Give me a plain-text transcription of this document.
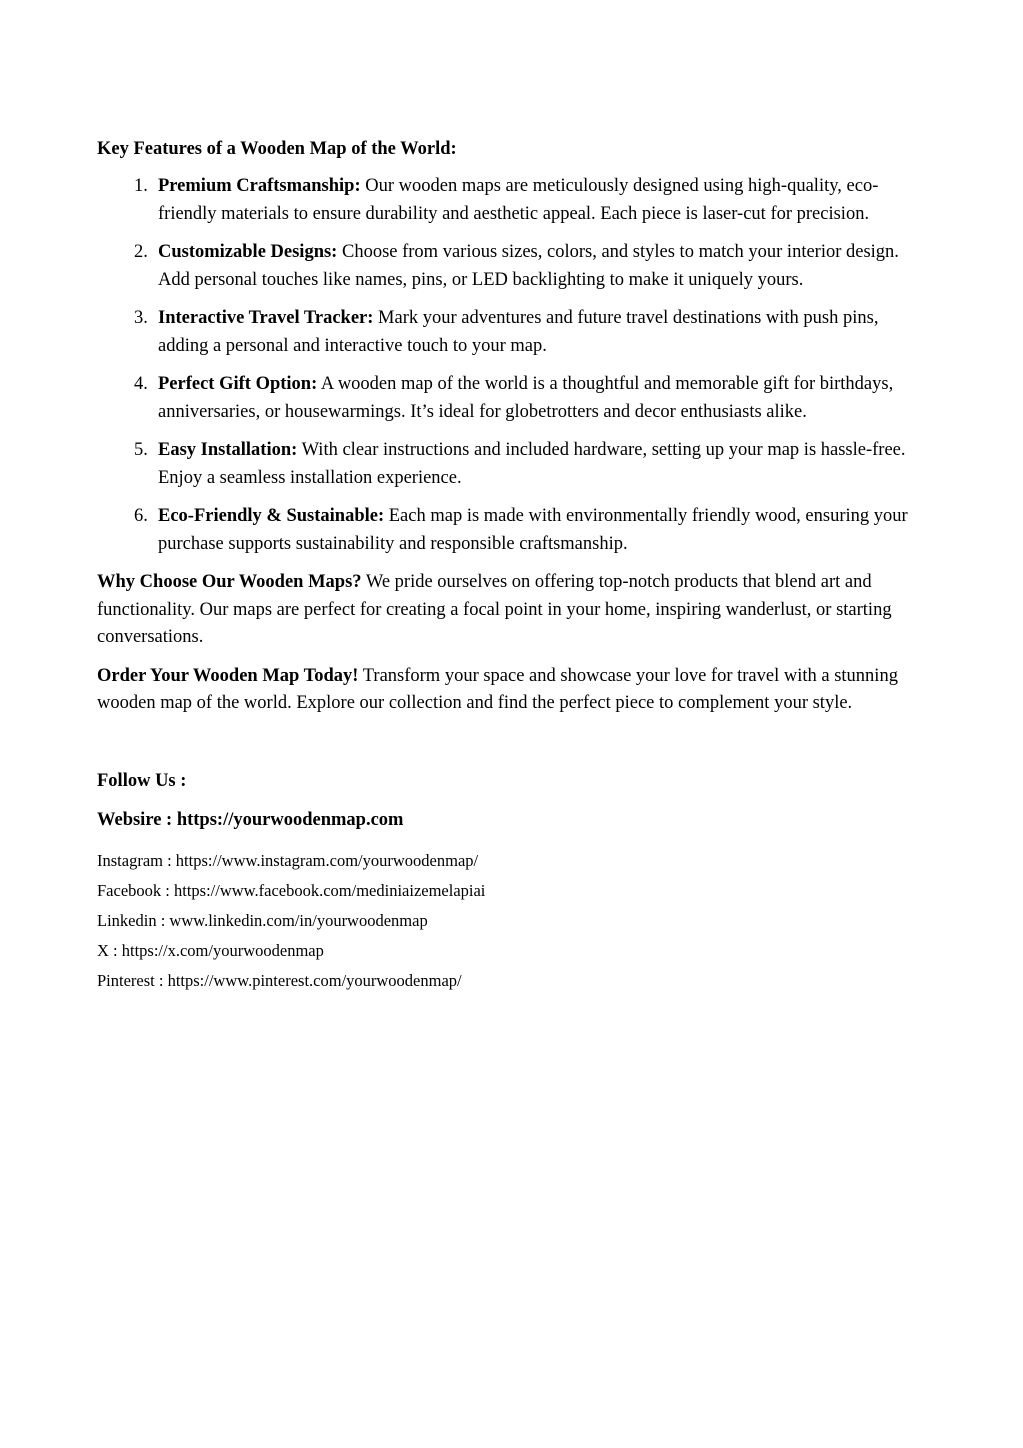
Key Features of a Wooden Map of the World:
1. Premium Craftsmanship: Our wooden maps are meticulously designed using high-quality, eco-friendly materials to ensure durability and aesthetic appeal. Each piece is laser-cut for precision.
2. Customizable Designs: Choose from various sizes, colors, and styles to match your interior design. Add personal touches like names, pins, or LED backlighting to make it uniquely yours.
3. Interactive Travel Tracker: Mark your adventures and future travel destinations with push pins, adding a personal and interactive touch to your map.
4. Perfect Gift Option: A wooden map of the world is a thoughtful and memorable gift for birthdays, anniversaries, or housewarmings. It’s ideal for globetrotters and decor enthusiasts alike.
5. Easy Installation: With clear instructions and included hardware, setting up your map is hassle-free. Enjoy a seamless installation experience.
6. Eco-Friendly & Sustainable: Each map is made with environmentally friendly wood, ensuring your purchase supports sustainability and responsible craftsmanship.

Why Choose Our Wooden Maps? We pride ourselves on offering top-notch products that blend art and functionality. Our maps are perfect for creating a focal point in your home, inspiring wanderlust, or starting conversations.

Order Your Wooden Map Today! Transform your space and showcase your love for travel with a stunning wooden map of the world. Explore our collection and find the perfect piece to complement your style.

Follow Us :
Websire : https://yourwoodenmap.com
Instagram : https://www.instagram.com/yourwoodenmap/
Facebook : https://www.facebook.com/mediniaizemelapiai
Linkedin : www.linkedin.com/in/yourwoodenmap
X : https://x.com/yourwoodenmap
Pinterest : https://www.pinterest.com/yourwoodenmap/
